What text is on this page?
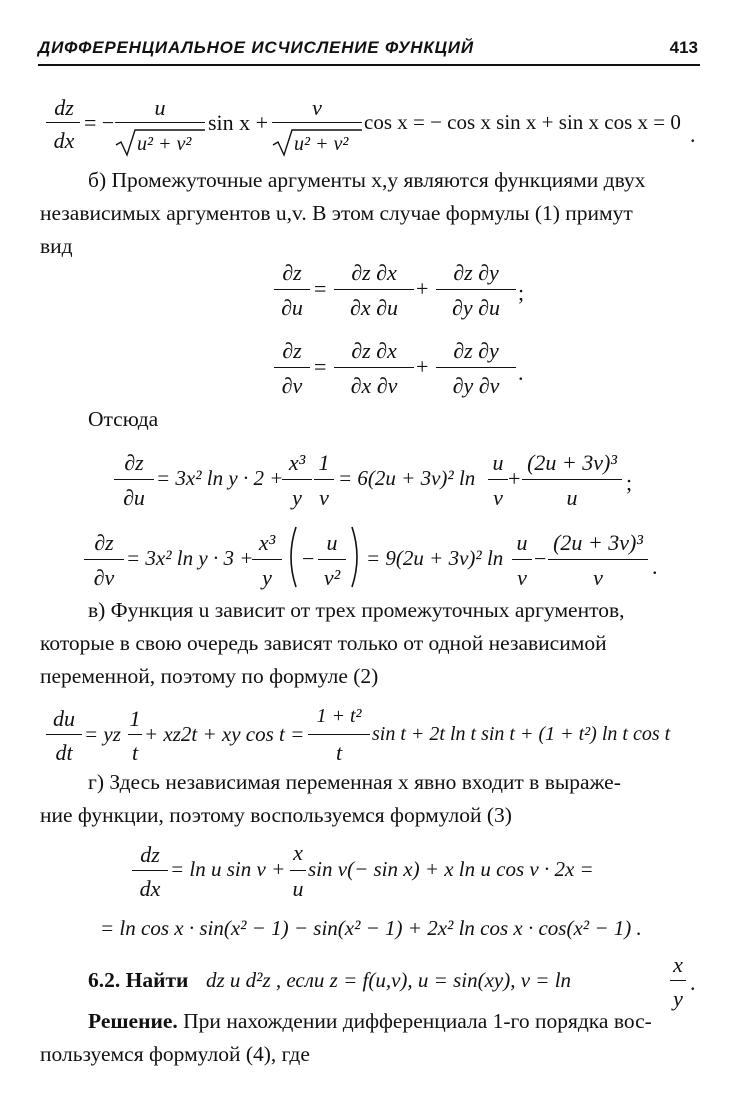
ДИФФЕРЕНЦИАЛЬНОЕ ИСЧИСЛЕНИЕ ФУНКЦИЙ	413
dz
dx
= −
u
u² + v²
sin x +
v
u² + v²
cos x = − cos x sin x + sin x cos x = 0 .
б) Промежуточные аргументы x,y являются функциями двух
независимых аргументов u,v. В этом случае формулы (1) примут
вид
∂z
∂u
=
∂z ∂x
∂x ∂u
+
∂z ∂y
∂y ∂u
;
∂z
∂v
=
∂z ∂x
∂x ∂v
+
∂z ∂y
∂y ∂v
.
Отсюда
∂z
∂u
= 3x² ln y · 2 +
x³
y
1
v
= 6(2u + 3v)² ln
u
v
+
(2u + 3v)³
u
;
∂z
∂v
= 3x² ln y · 3 +
x³
y
−
u
v²
= 9(2u + 3v)² ln
u
v
−
(2u + 3v)³
v	.
в) Функция u зависит от трех промежуточных аргументов,
которые в свою очередь зависят только от одной независимой
переменной, поэтому по формуле (2)
du
dt
= yz
1
t
+ xz2t + xy cos t =
1 + t²
t
sin t + 2t ln t sin t + (1 + t²) ln t cos t
г) Здесь независимая переменная x явно входит в выраже-
ние функции, поэтому воспользуемся формулой (3)
dz
dx
= ln u sin v +
x
u
sin v(− sin x) + x ln u cos v · 2x =
= ln cos x · sin(x² − 1) − sin(x² − 1) + 2x² ln cos x · cos(x² − 1) .
6.2. Найти dz и d²z , если z = f(u,v), u = sin(xy), v = ln
x
y
.
Решение. При нахождении дифференциала 1-го порядка вос-
пользуемся формулой (4), где
